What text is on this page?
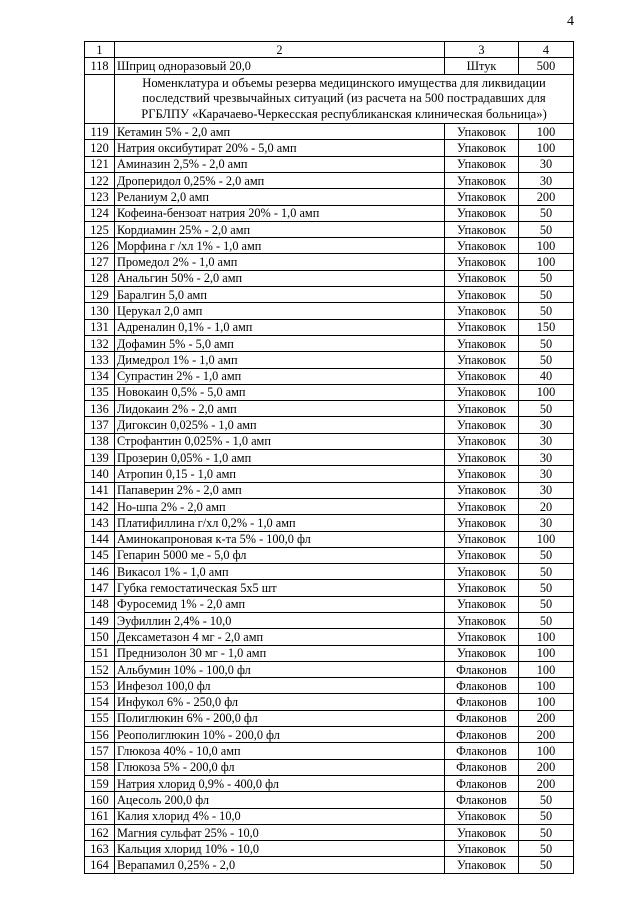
4
1	2	3	4
118	Шприц одноразовый 20,0	Штук	500
	Номенклатура и объемы резерва медицинского имущества для ликвидации последствий чрезвычайных ситуаций (из расчета на 500 пострадавших для РГБЛПУ «Карачаево-Черкесская республиканская клиническая больница»)		
119	Кетамин 5% - 2,0 амп	Упаковок	100
120	Натрия оксибутират 20% - 5,0 амп	Упаковок	100
121	Аминазин 2,5% - 2,0 амп	Упаковок	30
122	Дроперидол 0,25% - 2,0 амп	Упаковок	30
123	Реланиум 2,0 амп	Упаковок	200
124	Кофеина-бензоат натрия 20% - 1,0 амп	Упаковок	50
125	Кордиамин 25% - 2,0 амп	Упаковок	50
126	Морфина г /хл 1% - 1,0 амп	Упаковок	100
127	Промедол 2% - 1,0 амп	Упаковок	100
128	Анальгин 50% - 2,0 амп	Упаковок	50
129	Баралгин 5,0 амп	Упаковок	50
130	Церукал 2,0 амп	Упаковок	50
131	Адреналин 0,1% - 1,0 амп	Упаковок	150
132	Дофамин 5% - 5,0 амп	Упаковок	50
133	Димедрол 1% - 1,0 амп	Упаковок	50
134	Супрастин 2% - 1,0 амп	Упаковок	40
135	Новокаин 0,5% - 5,0 амп	Упаковок	100
136	Лидокаин 2% - 2,0 амп	Упаковок	50
137	Дигоксин 0,025% - 1,0 амп	Упаковок	30
138	Строфантин 0,025% - 1,0 амп	Упаковок	30
139	Прозерин 0,05% - 1,0 амп	Упаковок	30
140	Атропин 0,15 - 1,0 амп	Упаковок	30
141	Папаверин 2% - 2,0 амп	Упаковок	30
142	Но-шпа 2% - 2,0 амп	Упаковок	20
143	Платифиллина г/хл 0,2% - 1,0 амп	Упаковок	30
144	Аминокапроновая к-та 5% - 100,0 фл	Упаковок	100
145	Гепарин 5000 ме - 5,0 фл	Упаковок	50
146	Викасол 1% - 1,0 амп	Упаковок	50
147	Губка гемостатическая 5х5 шт	Упаковок	50
148	Фуросемид 1% - 2,0 амп	Упаковок	50
149	Эуфиллин 2,4% - 10,0	Упаковок	50
150	Дексаметазон 4 мг - 2,0 амп	Упаковок	100
151	Преднизолон 30 мг - 1,0 амп	Упаковок	100
152	Альбумин 10% - 100,0 фл	Флаконов	100
153	Инфезол 100,0 фл	Флаконов	100
154	Инфукол 6% - 250,0 фл	Флаконов	100
155	Полиглюкин 6% - 200,0 фл	Флаконов	200
156	Реополиглюкин 10% - 200,0 фл	Флаконов	200
157	Глюкоза 40% - 10,0 амп	Флаконов	100
158	Глюкоза 5% - 200,0 фл	Флаконов	200
159	Натрия хлорид 0,9% - 400,0 фл	Флаконов	200
160	Ацесоль 200,0 фл	Флаконов	50
161	Калия хлорид 4% - 10,0	Упаковок	50
162	Магния сульфат 25% - 10,0	Упаковок	50
163	Кальция хлорид 10% - 10,0	Упаковок	50
164	Верапамил 0,25% - 2,0	Упаковок	50
